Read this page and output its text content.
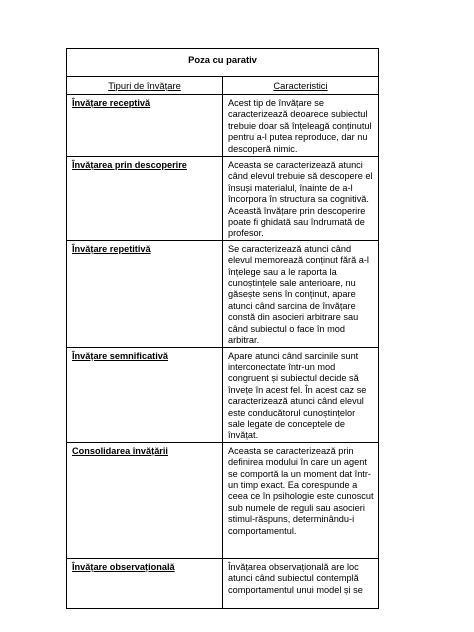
Poza cu parativ	
Tipuri de învățare	Caracteristici
Învățare receptivă	Acest tip de învățare se caracterizează deoarece subiectul trebuie doar să înțeleagă conținutul pentru a-l putea reproduce, dar nu descoperă nimic.
Învățarea prin descoperire	Aceasta se caracterizează atunci când elevul trebuie să descopere el însuși materialul, înainte de a-l încorpora în structura sa cognitivă. Această învățare prin descoperire poate fi ghidată sau îndrumată de profesor.
Învățare repetitivă	Se caracterizează atunci când elevul memorează conținut fără a-l înțelege sau a le raporta la cunoștințele sale anterioare, nu găsește sens în conținut, apare atunci când sarcina de învățare constă din asocieri arbitrare sau când subiectul o face în mod arbitrar.
Învățare semnificativă	Apare atunci când sarcinile sunt interconectate într-un mod congruent și subiectul decide să învețe în acest fel. În acest caz se caracterizează atunci când elevul este conducătorul cunoștințelor sale legate de conceptele de învățat.
Consolidarea învățării	Aceasta se caracterizează prin definirea modului în care un agent se comportă la un moment dat într-un timp exact. Ea corespunde a ceea ce în psihologie este cunoscut sub numele de reguli sau asocieri stimul-răspuns, determinându-i comportamentul.
Învățare observațională	Învățarea observațională are loc atunci când subiectul contemplă comportamentul unui model și se
